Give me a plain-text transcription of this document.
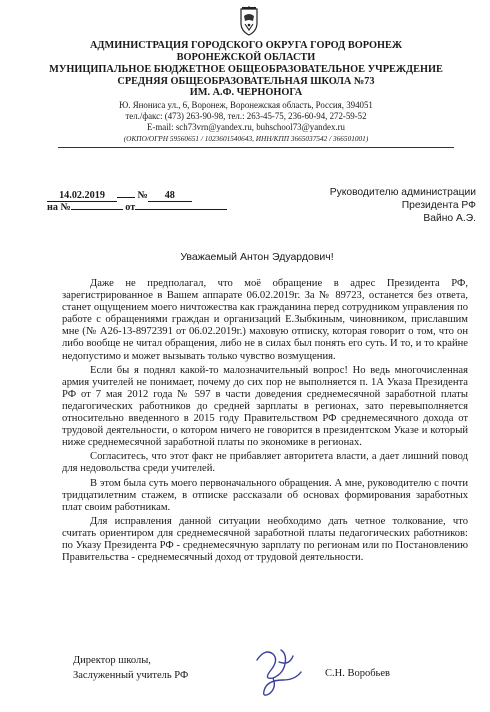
АДМИНИСТРАЦИЯ ГОРОДСКОГО ОКРУГА ГОРОД ВОРОНЕЖ
ВОРОНЕЖСКОЙ ОБЛАСТИ
МУНИЦИПАЛЬНОЕ БЮДЖЕТНОЕ ОБЩЕОБРАЗОВАТЕЛЬНОЕ УЧРЕЖДЕНИЕ
СРЕДНЯЯ ОБЩЕОБРАЗОВАТЕЛЬНАЯ ШКОЛА №73
ИМ. А.Ф. ЧЕРНОНОГА
Ю. Янониса ул., 6, Воронеж, Воронежская область, Россия, 394051
тел./факс: (473) 263-90-98, тел.: 263-45-75, 236-60-94, 272-59-52
E-mail: sch73vrn@yandex.ru, buhschool73@yandex.ru
(ОКПО/ОГРН 59560651 / 1023601540643, ИНН/КПП 3665037542 / 366501001)
14.02.2019	№ 48
на №	от
Руководителю администрации
Президента РФ
Вайно А.Э.
Уважаемый Антон Эдуардович!

Даже не предполагал, что моё обращение в адрес Президента РФ, зарегистрированное в Вашем аппарате 06.02.2019г. За № 89723, останется без ответа, станет ощущением моего ничтожества как гражданина перед сотрудником управления по работе с обращениями граждан и организаций Е.Зыбкиным, чиновником, приславшим мне (№ А26-13-8972391 от 06.02.2019г.) маховую отписку, которая говорит о том, что он либо вообще не читал обращения, либо не в силах был понять его суть. И то, и то крайне недопустимо и может вызывать только чувство возмущения.

Если бы я поднял какой-то малозначительный вопрос! Но ведь многочисленная армия учителей не понимает, почему до сих пор не выполняется п. 1А Указа Президента РФ от 7 мая 2012 года № 597 в части доведения среднемесячной заработной платы педагогических работников до средней зарплаты в регионах, зато перевыполняется относительно введенного в 2015 году Правительством РФ среднемесячного дохода от трудовой деятельности, о котором ничего не говорится в президентском Указе и который ниже среднемесячной заработной платы по экономике в регионах.

Согласитесь, что этот факт не прибавляет авторитета власти, а дает лишний повод для недовольства среди учителей.

В этом была суть моего первоначального обращения. А мне, руководителю с почти тридцатилетним стажем, в отписке рассказали об основах формирования заработных плат своим работникам.

Для исправления данной ситуации необходимо дать четное толкование, что считать ориентиром для среднемесячной заработной платы педагогических работников: по Указу Президента РФ - среднемесячную зарплату по регионам или по Постановлению Правительства - среднемесячный доход от трудовой деятельности.

Директор школы,
Заслуженный учитель РФ	С.Н. Воробьев
